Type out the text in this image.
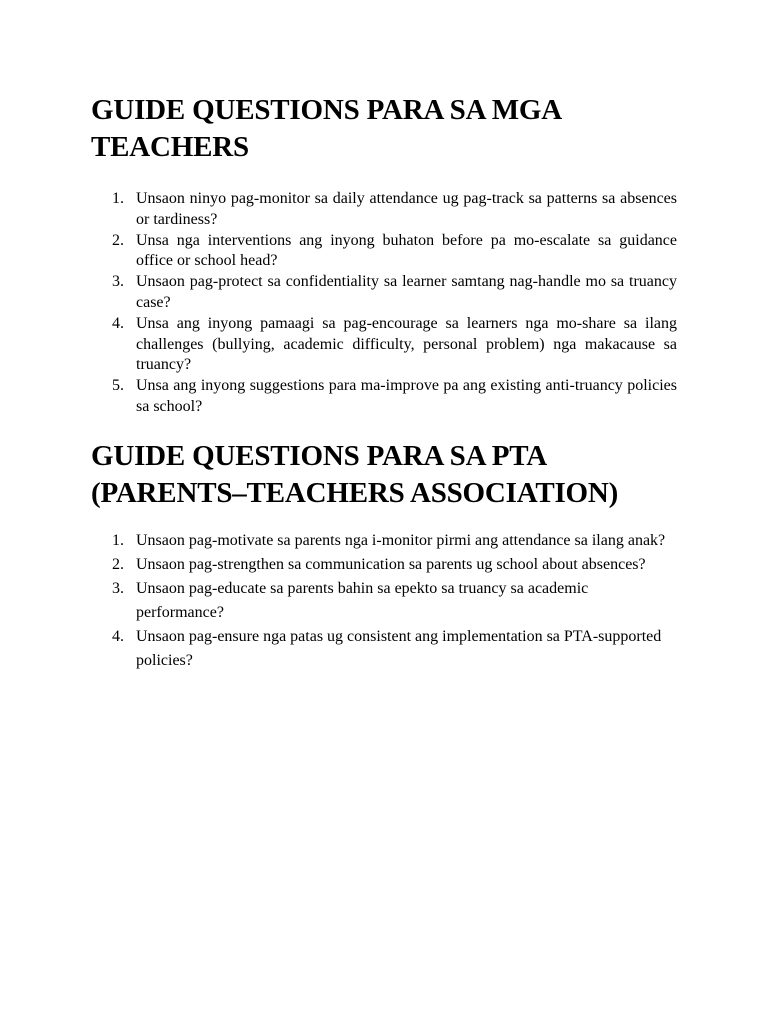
GUIDE QUESTIONS PARA SA MGA TEACHERS
1. Unsaon ninyo pag-monitor sa daily attendance ug pag-track sa patterns sa absences or tardiness?
2. Unsa nga interventions ang inyong buhaton before pa mo-escalate sa guidance office or school head?
3. Unsaon pag-protect sa confidentiality sa learner samtang nag-handle mo sa truancy case?
4. Unsa ang inyong pamaagi sa pag-encourage sa learners nga mo-share sa ilang challenges (bullying, academic difficulty, personal problem) nga makacause sa truancy?
5. Unsa ang inyong suggestions para ma-improve pa ang existing anti-truancy policies sa school?
GUIDE QUESTIONS PARA SA PTA (PARENTS–TEACHERS ASSOCIATION)
1. Unsaon pag-motivate sa parents nga i-monitor pirmi ang attendance sa ilang anak?
2. Unsaon pag-strengthen sa communication sa parents ug school about absences?
3. Unsaon pag-educate sa parents bahin sa epekto sa truancy sa academic performance?
4. Unsaon pag-ensure nga patas ug consistent ang implementation sa PTA-supported policies?
